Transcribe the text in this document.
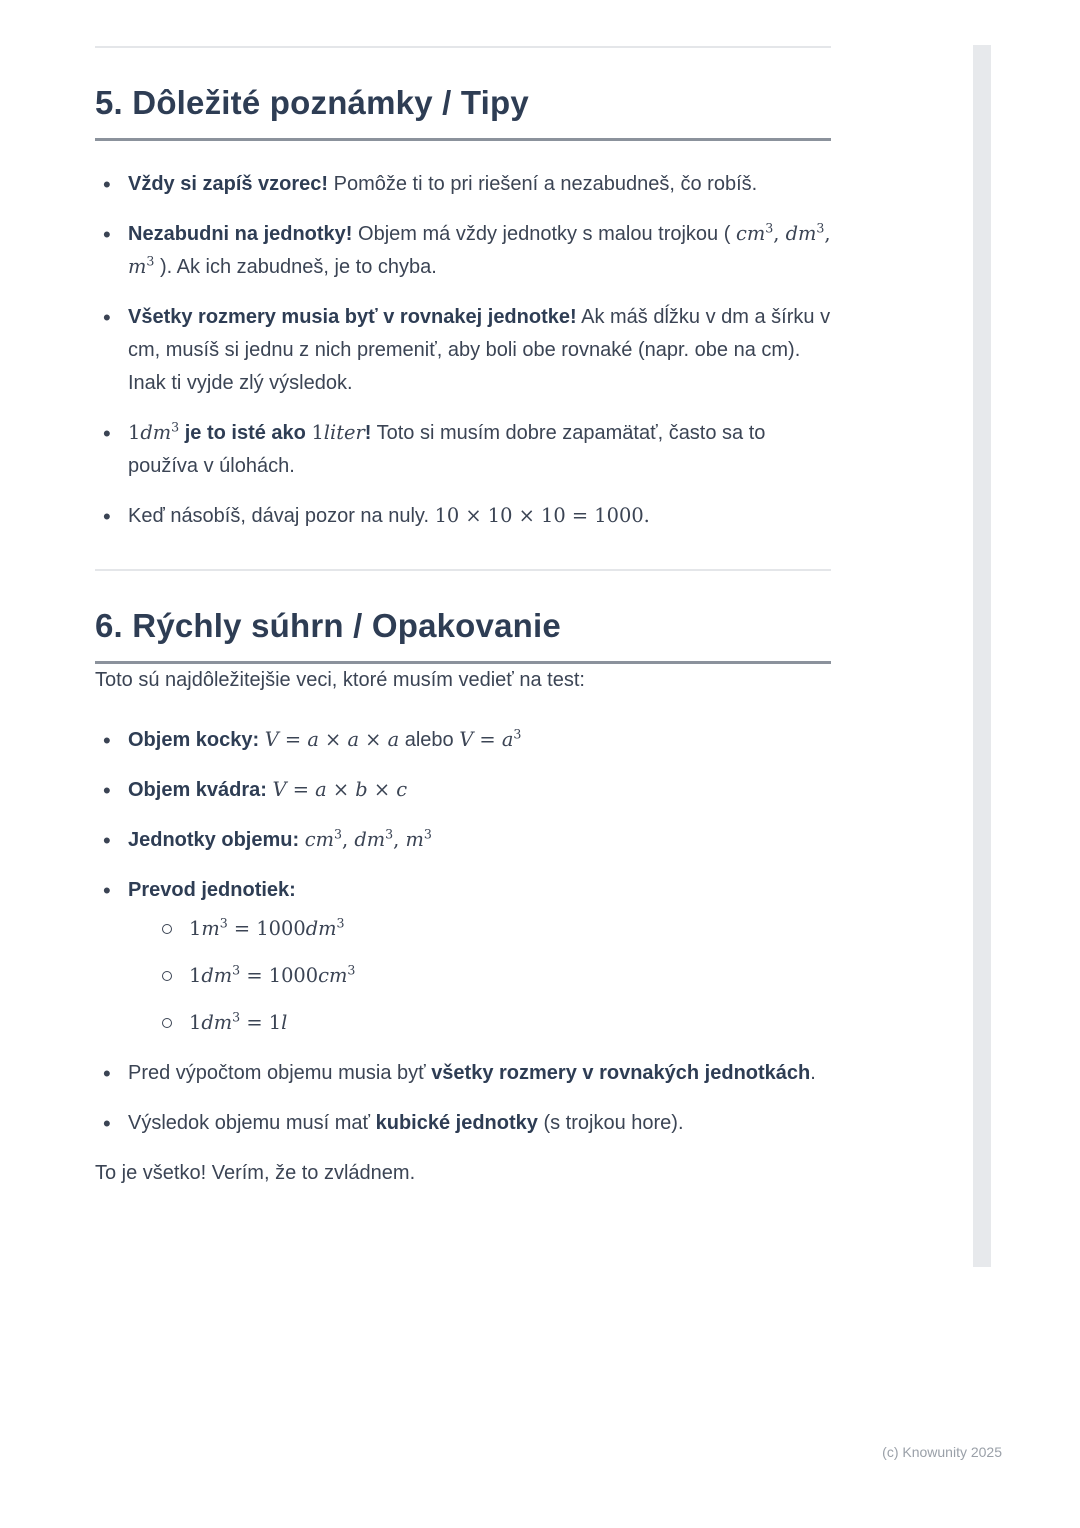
5. Dôležité poznámky / Tipy
• Vždy si zapíš vzorec! Pomôže ti to pri riešení a nezabudneš, čo robíš.
• Nezabudni na jednotky! Objem má vždy jednotky s malou trojkou ( $cm^3$, $dm^3$, $m^3$ ). Ak ich zabudneš, je to chyba.
• Všetky rozmery musia byť v rovnakej jednotke! Ak máš dĺžku v dm a šírku v cm, musíš si jednu z nich premeniť, aby boli obe rovnaké (napr. obe na cm). Inak ti vyjde zlý výsledok.
• $1dm^3$ je to isté ako 1liter! Toto si musím dobre zapamätať, často sa to používa v úlohách.
• Keď násobíš, dávaj pozor na nuly. 10 × 10 × 10 = 1000.
6. Rýchly súhrn / Opakovanie

Toto sú najdôležitejšie veci, ktoré musím vedieť na test:

• Objem kocky: V = a × a × a alebo $V = a^3$
• Objem kvádra: V = a × b × c
• Jednotky objemu: $cm^3$, $dm^3$, $m^3$
• Prevod jednotiek:
$1m^3 = 1000dm^3$
$1dm^3 = 1000cm^3$
$1dm^3 = 1l$
• Pred výpočtom objemu musia byť všetky rozmery v rovnakých jednotkách.
• Výsledok objemu musí mať kubické jednotky (s trojkou hore).

To je všetko! Verím, že to zvládnem.

(c) Knowunity 2025
